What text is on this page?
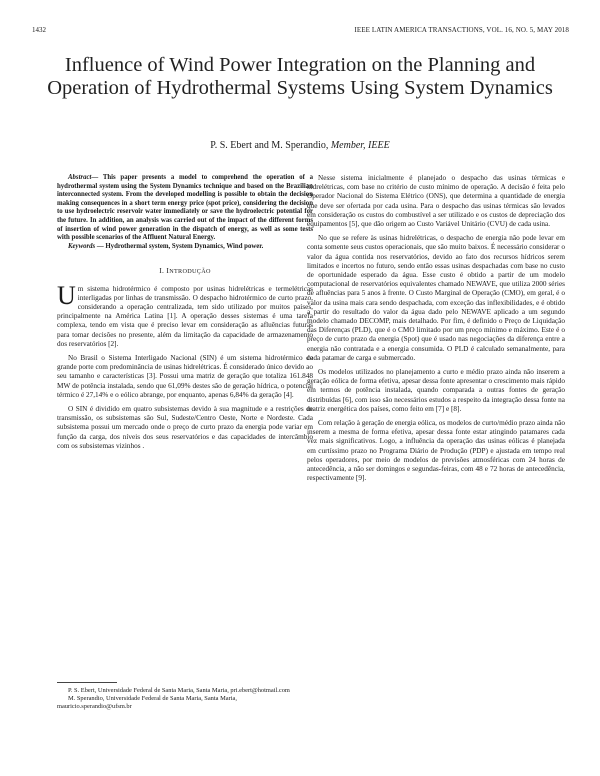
1432	IEEE LATIN AMERICA TRANSACTIONS, VOL. 16, NO. 5, MAY 2018
Influence of Wind Power Integration on the Planning and Operation of Hydrothermal Systems Using System Dynamics
P. S. Ebert and M. Sperandio, Member, IEEE

Abstract— This paper presents a model to comprehend the operation of a hydrothermal system using the System Dynamics technique and based on the Brazilian interconnected system. From the developed modelling is possible to obtain the decision making consequences in a short term energy price (spot price), considering the decision to use hydroelectric reservoir water immediately or save the hydroelectric potential for the future. In addition, an analysis was carried out of the impact of the different forms of insertion of wind power generation in the dispatch of energy, as well as some tests with possible scenarios of the Affluent Natural Energy.

Keywords — Hydrothermal system, System Dynamics, Wind power.

I. INTRODUÇÃO

Um sistema hidrotérmico é composto por usinas hidrelétricas e termelétricas interligadas por linhas de transmissão. O despacho hidrotérmico de curto prazo, considerando a operação centralizada, tem sido utilizado por muitos países, principalmente na América Latina [1]. A operação desses sistemas é uma tarefa complexa, tendo em vista que é preciso levar em consideração as afluências futuras para tomar decisões no presente, além da limitação da capacidade de armazenamento dos reservatórios [2].

No Brasil o Sistema Interligado Nacional (SIN) é um sistema hidrotérmico de grande porte com predominância de usinas hidrelétricas. É considerado único devido ao seu tamanho e características [3]. Possui uma matriz de geração que totaliza 161.848 MW de potência instalada, sendo que 61,09% destes são de geração hídrica, o potencial térmico é 27,14% e o eólico abrange, por enquanto, apenas 6,84% da geração [4].

O SIN é dividido em quatro subsistemas devido à sua magnitude e a restrições de transmissão, os subsistemas são Sul, Sudeste/Centro Oeste, Norte e Nordeste. Cada subsistema possui um mercado onde o preço de curto prazo da energia pode variar em função da carga, dos níveis dos seus reservatórios e das capacidades de intercâmbio com os subsistemas vizinhos .

P. S. Ebert, Universidade Federal de Santa Maria, Santa Maria, pri.ebert@hotmail.com

M. Sperandio, Universidade Federal de Santa Maria, Santa Maria, mauricio.sperandio@ufsm.br

Nesse sistema inicialmente é planejado o despacho das usinas térmicas e hidrelétricas, com base no critério de custo mínimo de operação. A decisão é feita pelo Operador Nacional do Sistema Elétrico (ONS), que determina a quantidade de energia que deve ser ofertada por cada usina. Para o despacho das usinas térmicas são levados em consideração os custos do combustível a ser utilizado e os custos de depreciação dos equipamentos [5], que dão origem ao Custo Variável Unitário (CVU) de cada usina.

No que se refere às usinas hidrelétricas, o despacho de energia não pode levar em conta somente seus custos operacionais, que são muito baixos. É necessário considerar o valor da água contida nos reservatórios, devido ao fato dos recursos hídricos serem limitados e incertos no futuro, sendo então essas usinas despachadas com base no custo de oportunidade esperado da água. Esse custo é obtido a partir de um modelo computacional de reservatórios equivalentes chamado NEWAVE, que utiliza 2000 séries de afluências para 5 anos à frente. O Custo Marginal de Operação (CMO), em geral, é o valor da usina mais cara sendo despachada, com exceção das inflexibilidades, e é obtido a partir do resultado do valor da água dado pelo NEWAVE aplicado a um segundo modelo chamado DECOMP, mais detalhado. Por fim, é definido o Preço de Liquidação das Diferenças (PLD), que é o CMO limitado por um preço mínimo e máximo. Este é o preço de curto prazo da energia (Spot) que é usado nas negociações da diferença entre a energia não contratada e a energia consumida. O PLD é calculado semanalmente, para cada patamar de carga e submercado.

Os modelos utilizados no planejamento a curto e médio prazo ainda não inserem a geração eólica de forma efetiva, apesar dessa fonte apresentar o crescimento mais rápido em termos de potência instalada, quando comparada a outras fontes de geração distribuídas [6], com isso são necessários estudos a respeito da integração dessa fonte na matriz energética dos países, como feito em [7] e [8].

Com relação à geração de energia eólica, os modelos de curto/médio prazo ainda não inserem a mesma de forma efetiva, apesar dessa fonte estar atingindo patamares cada vez mais significativos. Logo, a influência da operação das usinas eólicas é planejada em curtíssimo prazo no Programa Diário de Produção (PDP) e ajustada em tempo real pelos operadores, por meio de modelos de previsões atmosféricas com 24 horas de antecedência, a não ser domingos e segundas-feiras, com 48 e 72 horas de antecedência, respectivamente [9].
